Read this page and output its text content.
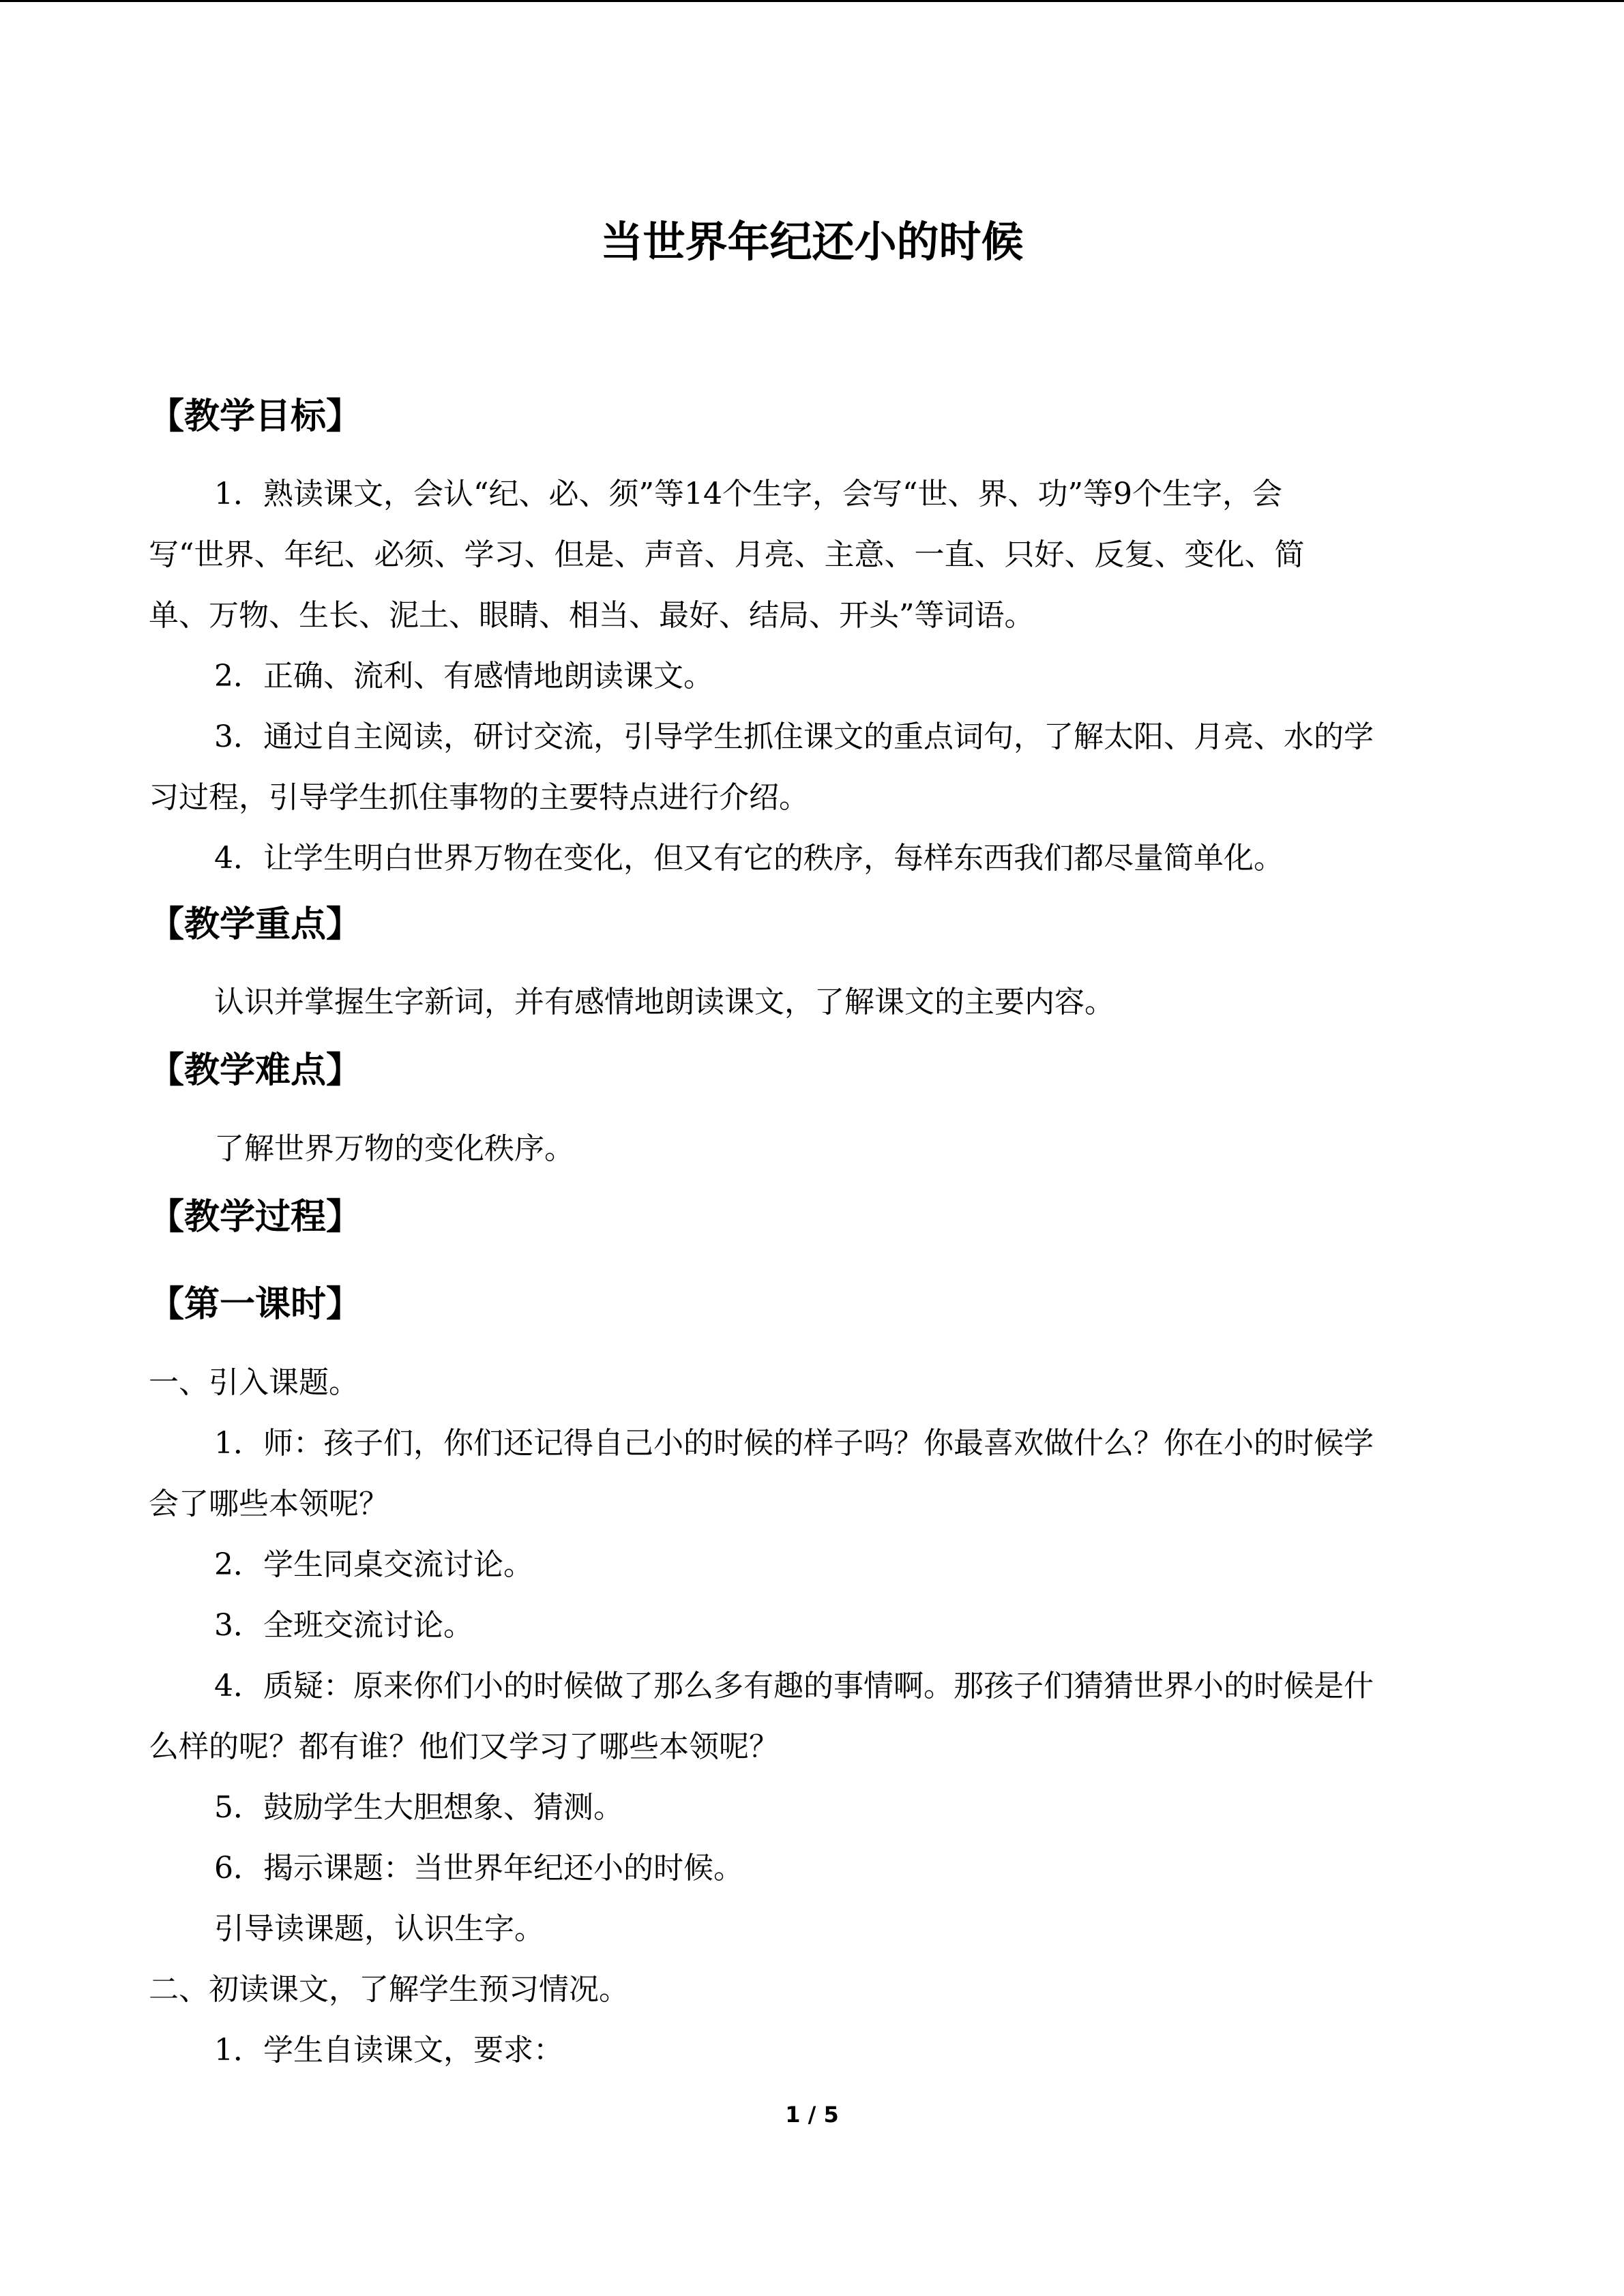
当世界年纪还小的时候
【教学目标】
1．熟读课文，会认“纪、必、须”等14个生字，会写“世、界、功”等9个生字，会
写“世界、年纪、必须、学习、但是、声音、月亮、主意、一直、只好、反复、变化、简
单、万物、生长、泥土、眼睛、相当、最好、结局、开头”等词语。
2．正确、流利、有感情地朗读课文。
3．通过自主阅读，研讨交流，引导学生抓住课文的重点词句，了解太阳、月亮、水的学
习过程，引导学生抓住事物的主要特点进行介绍。
4．让学生明白世界万物在变化，但又有它的秩序，每样东西我们都尽量简单化。
【教学重点】
认识并掌握生字新词，并有感情地朗读课文，了解课文的主要内容。
【教学难点】
了解世界万物的变化秩序。
【教学过程】
【第一课时】
一、引入课题。
1．师：孩子们，你们还记得自己小的时候的样子吗？你最喜欢做什么？你在小的时候学
会了哪些本领呢？
2．学生同桌交流讨论。
3．全班交流讨论。
4．质疑：原来你们小的时候做了那么多有趣的事情啊。那孩子们猜猜世界小的时候是什
么样的呢？都有谁？他们又学习了哪些本领呢？
5．鼓励学生大胆想象、猜测。
6．揭示课题：当世界年纪还小的时候。
引导读课题，认识生字。
二、初读课文，了解学生预习情况。
1．学生自读课文，要求：
1 / 5
